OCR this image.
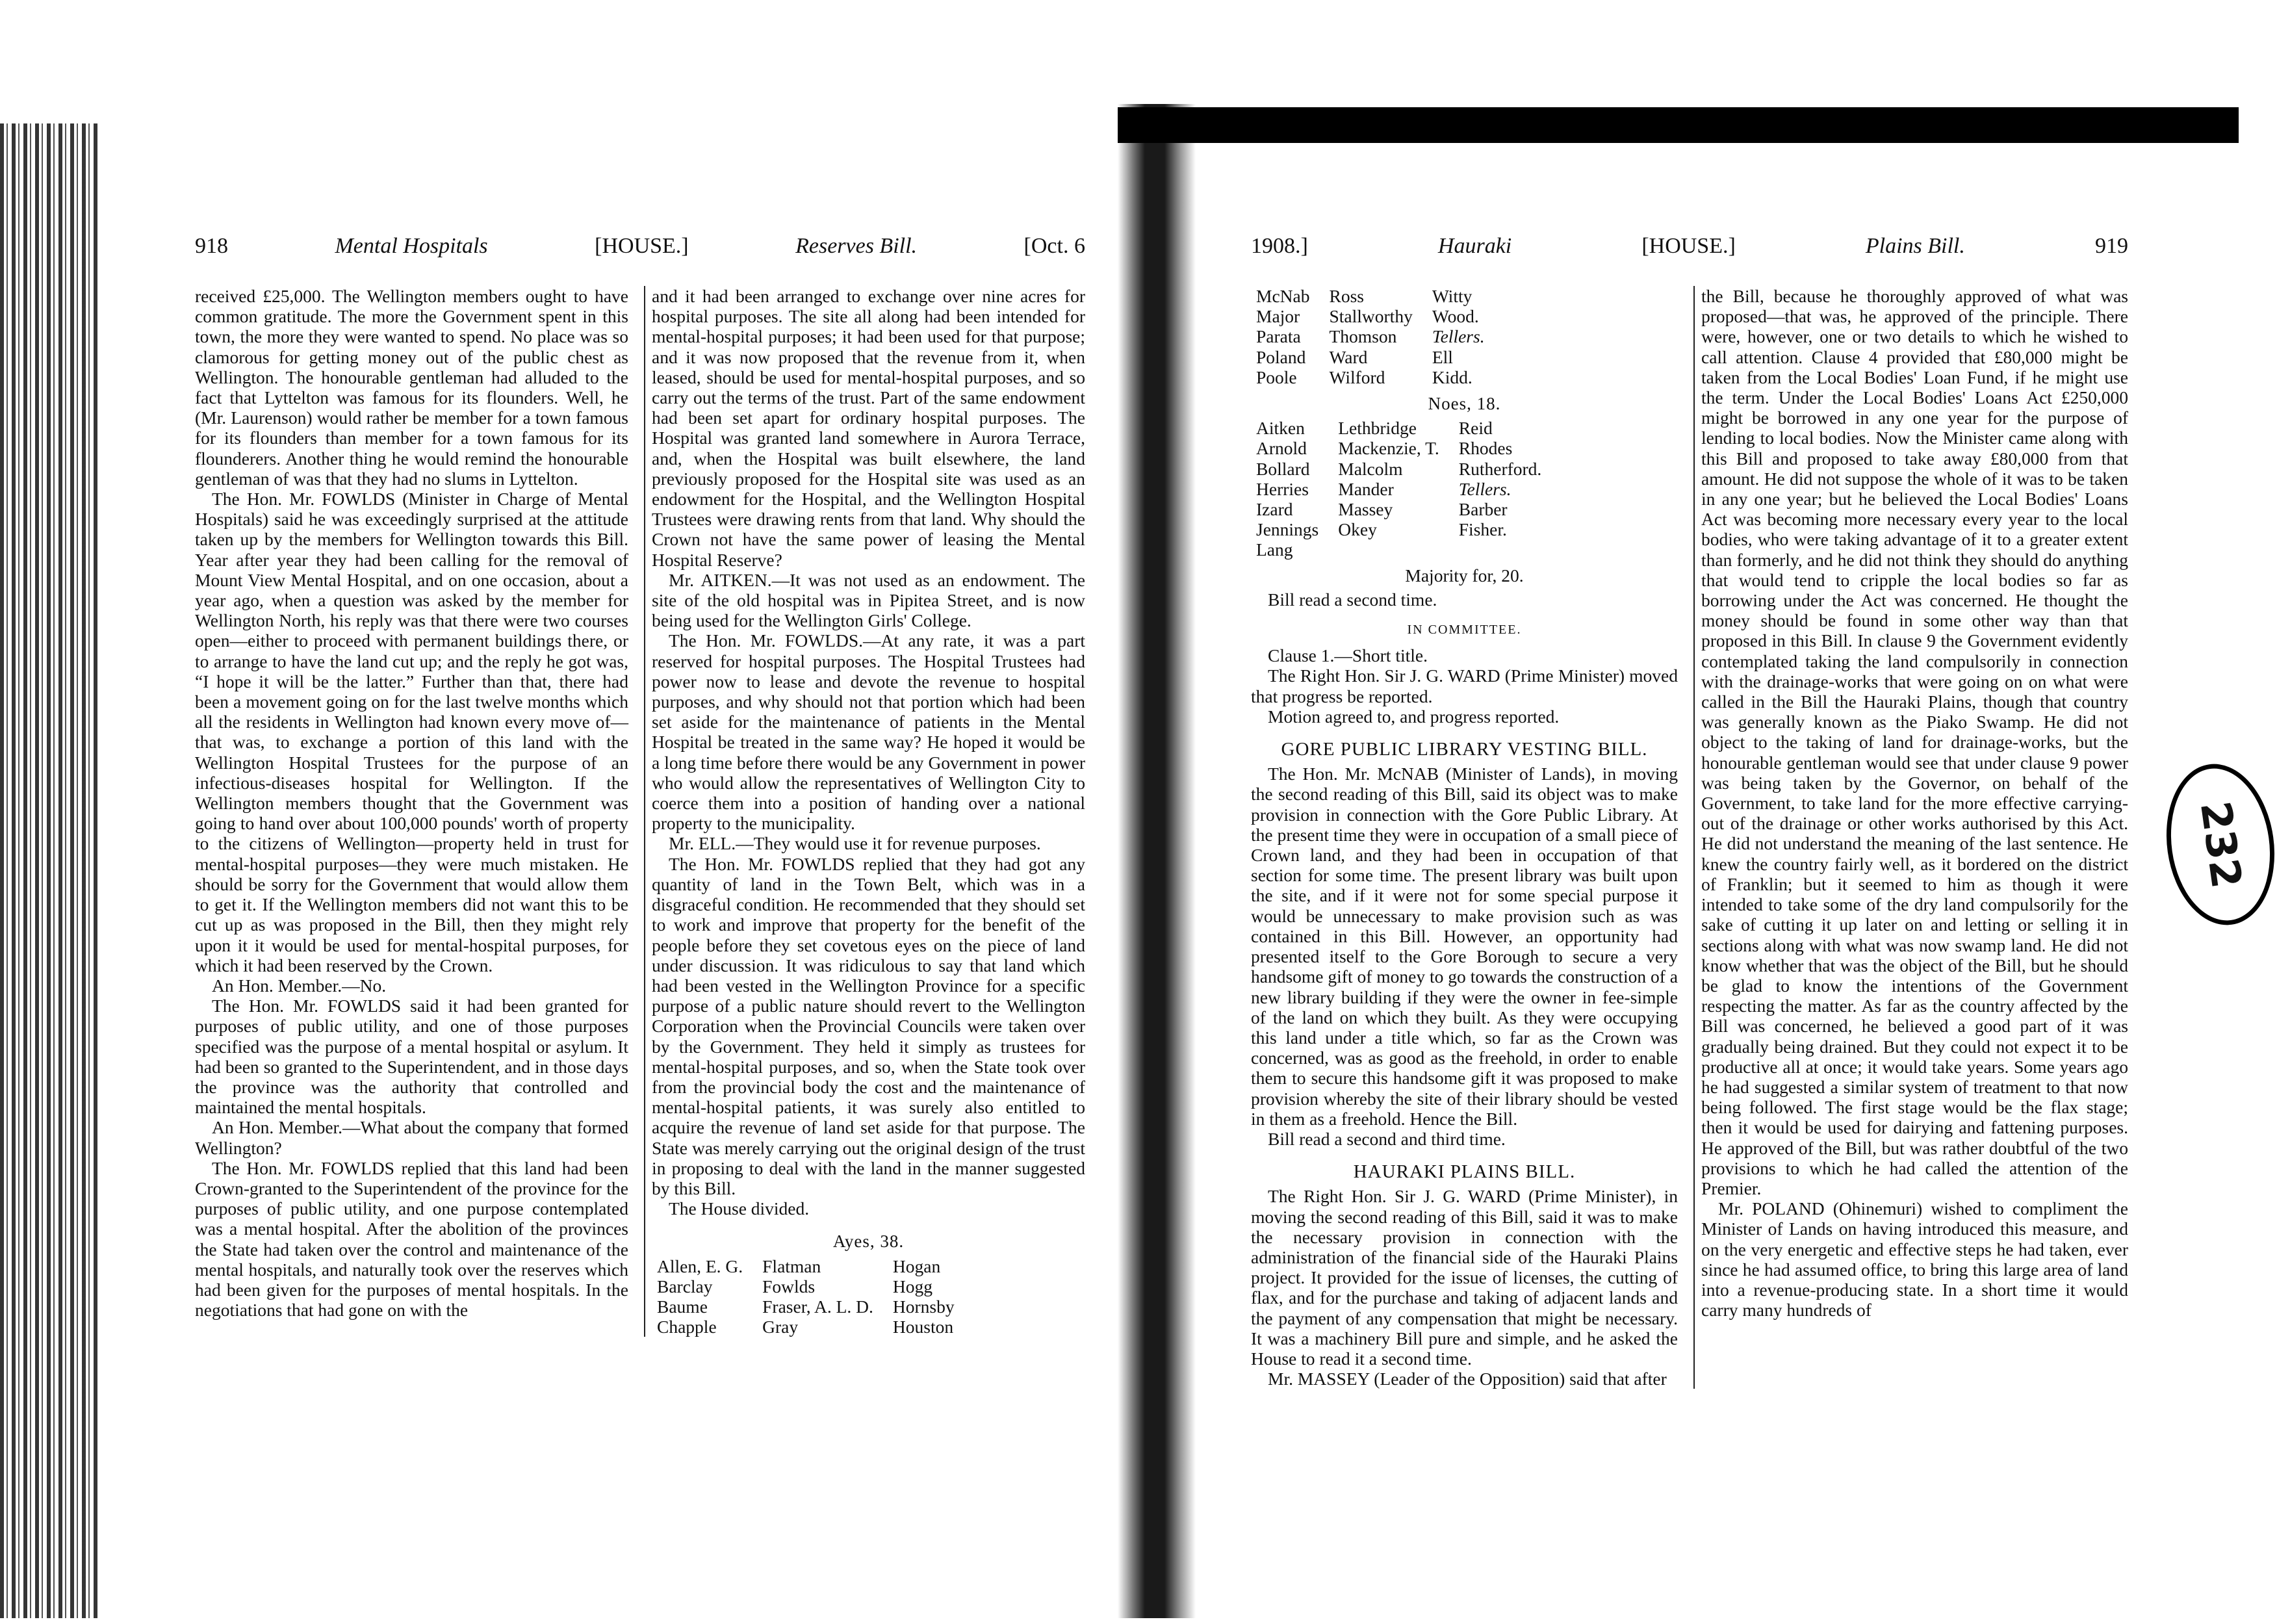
918	Mental Hospitals	[HOUSE.]	Reserves Bill.	[Oct. 6

received £25,000. The Wellington members ought to have common gratitude. The more the Government spent in this town, the more they were wanted to spend. No place was so clamorous for getting money out of the public chest as Wellington. The honourable gentleman had alluded to the fact that Lyttelton was famous for its flounders. Well, he (Mr. Laurenson) would rather be member for a town famous for its flounders than member for a town famous for its flounderers. Another thing he would remind the honourable gentleman of was that they had no slums in Lyttelton.

The Hon. Mr. FOWLDS (Minister in Charge of Mental Hospitals) said he was exceedingly surprised at the attitude taken up by the members for Wellington towards this Bill. Year after year they had been calling for the removal of Mount View Mental Hospital, and on one occasion, about a year ago, when a question was asked by the member for Wellington North, his reply was that there were two courses open—either to proceed with permanent buildings there, or to arrange to have the land cut up; and the reply he got was, “I hope it will be the latter.” Further than that, there had been a movement going on for the last twelve months which all the residents in Wellington had known every move of—that was, to exchange a portion of this land with the Wellington Hospital Trustees for the purpose of an infectious-diseases hospital for Wellington. If the Wellington members thought that the Government was going to hand over about 100,000 pounds' worth of property to the citizens of Wellington—property held in trust for mental-hospital purposes—they were much mistaken. He should be sorry for the Government that would allow them to get it. If the Wellington members did not want this to be cut up as was proposed in the Bill, then they might rely upon it it would be used for mental-hospital purposes, for which it had been reserved by the Crown.

An Hon. Member.—No.

The Hon. Mr. FOWLDS said it had been granted for purposes of public utility, and one of those purposes specified was the purpose of a mental hospital or asylum. It had been so granted to the Superintendent, and in those days the province was the authority that controlled and maintained the mental hospitals.

An Hon. Member.—What about the company that formed Wellington?

The Hon. Mr. FOWLDS replied that this land had been Crown-granted to the Superintendent of the province for the purposes of public utility, and one purpose contemplated was a mental hospital. After the abolition of the provinces the State had taken over the control and maintenance of the mental hospitals, and naturally took over the reserves which had been given for the purposes of mental hospitals. In the negotiations that had gone on with the

and it had been arranged to exchange over nine acres for hospital purposes. The site all along had been intended for mental-hospital purposes; it had been used for that purpose; and it was now proposed that the revenue from it, when leased, should be used for mental-hospital purposes, and so carry out the terms of the trust. Part of the same endowment had been set apart for ordinary hospital purposes. The Hospital was granted land somewhere in Aurora Terrace, and, when the Hospital was built elsewhere, the land previously proposed for the Hospital site was used as an endowment for the Hospital, and the Wellington Hospital Trustees were drawing rents from that land. Why should the Crown not have the same power of leasing the Mental Hospital Reserve?

Mr. AITKEN.—It was not used as an endowment. The site of the old hospital was in Pipitea Street, and is now being used for the Wellington Girls' College.

The Hon. Mr. FOWLDS.—At any rate, it was a part reserved for hospital purposes. The Hospital Trustees had power now to lease and devote the revenue to hospital purposes, and why should not that portion which had been set aside for the maintenance of patients in the Mental Hospital be treated in the same way? He hoped it would be a long time before there would be any Government in power who would allow the representatives of Wellington City to coerce them into a position of handing over a national property to the municipality.

Mr. ELL.—They would use it for revenue purposes.

The Hon. Mr. FOWLDS replied that they had got any quantity of land in the Town Belt, which was in a disgraceful condition. He recommended that they should set to work and improve that property for the benefit of the people before they set covetous eyes on the piece of land under discussion. It was ridiculous to say that land which had been vested in the Wellington Province for a specific purpose of a public nature should revert to the Wellington Corporation when the Provincial Councils were taken over by the Government. They held it simply as trustees for mental-hospital purposes, and so, when the State took over from the provincial body the cost and the maintenance of mental-hospital patients, it was surely also entitled to acquire the revenue of land set aside for that purpose. The State was merely carrying out the original design of the trust in proposing to deal with the land in the manner suggested by this Bill.

The House divided.

Ayes, 38.
Allen, E. G.	Flatman	Hogan
Barclay	Fowlds	Hogg
Baume	Fraser, A. L. D.	Hornsby
Chapple	Gray	Houston
1908.]	Hauraki	[HOUSE.]	Plains Bill.	919
McNab	Ross	Witty
Major	Stallworthy	Wood.
Parata	Thomson	Tellers.
Poland	Ward	Ell
Poole	Wilford	Kidd.
Noes, 18.
Aitken	Lethbridge	Reid
Arnold	Mackenzie, T.	Rhodes
Bollard	Malcolm	Rutherford.
Herries	Mander	Tellers.
Izard	Massey	Barber
Jennings	Okey	Fisher.
Lang		
Majority for, 20.

Bill read a second time.

IN COMMITTEE.

Clause 1.—Short title.

The Right Hon. Sir J. G. WARD (Prime Minister) moved that progress be reported.

Motion agreed to, and progress reported.

GORE PUBLIC LIBRARY VESTING BILL.

The Hon. Mr. McNAB (Minister of Lands), in moving the second reading of this Bill, said its object was to make provision in connection with the Gore Public Library. At the present time they were in occupation of a small piece of Crown land, and they had been in occupation of that section for some time. The present library was built upon the site, and if it were not for some special purpose it would be unnecessary to make provision such as was contained in this Bill. However, an opportunity had presented itself to the Gore Borough to secure a very handsome gift of money to go towards the construction of a new library building if they were the owner in fee-simple of the land on which they built. As they were occupying this land under a title which, so far as the Crown was concerned, was as good as the freehold, in order to enable them to secure this handsome gift it was proposed to make provision whereby the site of their library should be vested in them as a freehold. Hence the Bill.

Bill read a second and third time.

HAURAKI PLAINS BILL.

The Right Hon. Sir J. G. WARD (Prime Minister), in moving the second reading of this Bill, said it was to make the necessary provision in connection with the administration of the financial side of the Hauraki Plains project. It provided for the issue of licenses, the cutting of flax, and for the purchase and taking of adjacent lands and the payment of any compensation that might be necessary. It was a machinery Bill pure and simple, and he asked the House to read it a second time.

Mr. MASSEY (Leader of the Opposition) said that after

the Bill, because he thoroughly approved of what was proposed—that was, he approved of the principle. There were, however, one or two details to which he wished to call attention. Clause 4 provided that £80,000 might be taken from the Local Bodies' Loan Fund, if he might use the term. Under the Local Bodies' Loans Act £250,000 might be borrowed in any one year for the purpose of lending to local bodies. Now the Minister came along with this Bill and proposed to take away £80,000 from that amount. He did not suppose the whole of it was to be taken in any one year; but he believed the Local Bodies' Loans Act was becoming more necessary every year to the local bodies, who were taking advantage of it to a greater extent than formerly, and he did not think they should do anything that would tend to cripple the local bodies so far as borrowing under the Act was concerned. He thought the money should be found in some other way than that proposed in this Bill. In clause 9 the Government evidently contemplated taking the land compulsorily in connection with the drainage-works that were going on on what were called in the Bill the Hauraki Plains, though that country was generally known as the Piako Swamp. He did not object to the taking of land for drainage-works, but the honourable gentleman would see that under clause 9 power was being taken by the Governor, on behalf of the Government, to take land for the more effective carrying-out of the drainage or other works authorised by this Act. He did not understand the meaning of the last sentence. He knew the country fairly well, as it bordered on the district of Franklin; but it seemed to him as though it were intended to take some of the dry land compulsorily for the sake of cutting it up later on and letting or selling it in sections along with what was now swamp land. He did not know whether that was the object of the Bill, but he should be glad to know the intentions of the Government respecting the matter. As far as the country affected by the Bill was concerned, he believed a good part of it was gradually being drained. But they could not expect it to be productive all at once; it would take years. Some years ago he had suggested a similar system of treatment to that now being followed. The first stage would be the flax stage; then it would be used for dairying and fattening purposes. He approved of the Bill, but was rather doubtful of the two provisions to which he had called the attention of the Premier.

Mr. POLAND (Ohinemuri) wished to compliment the Minister of Lands on having introduced this measure, and on the very energetic and effective steps he had taken, ever since he had assumed office, to bring this large area of land into a revenue-producing state. In a short time it would carry many hundreds of

232
